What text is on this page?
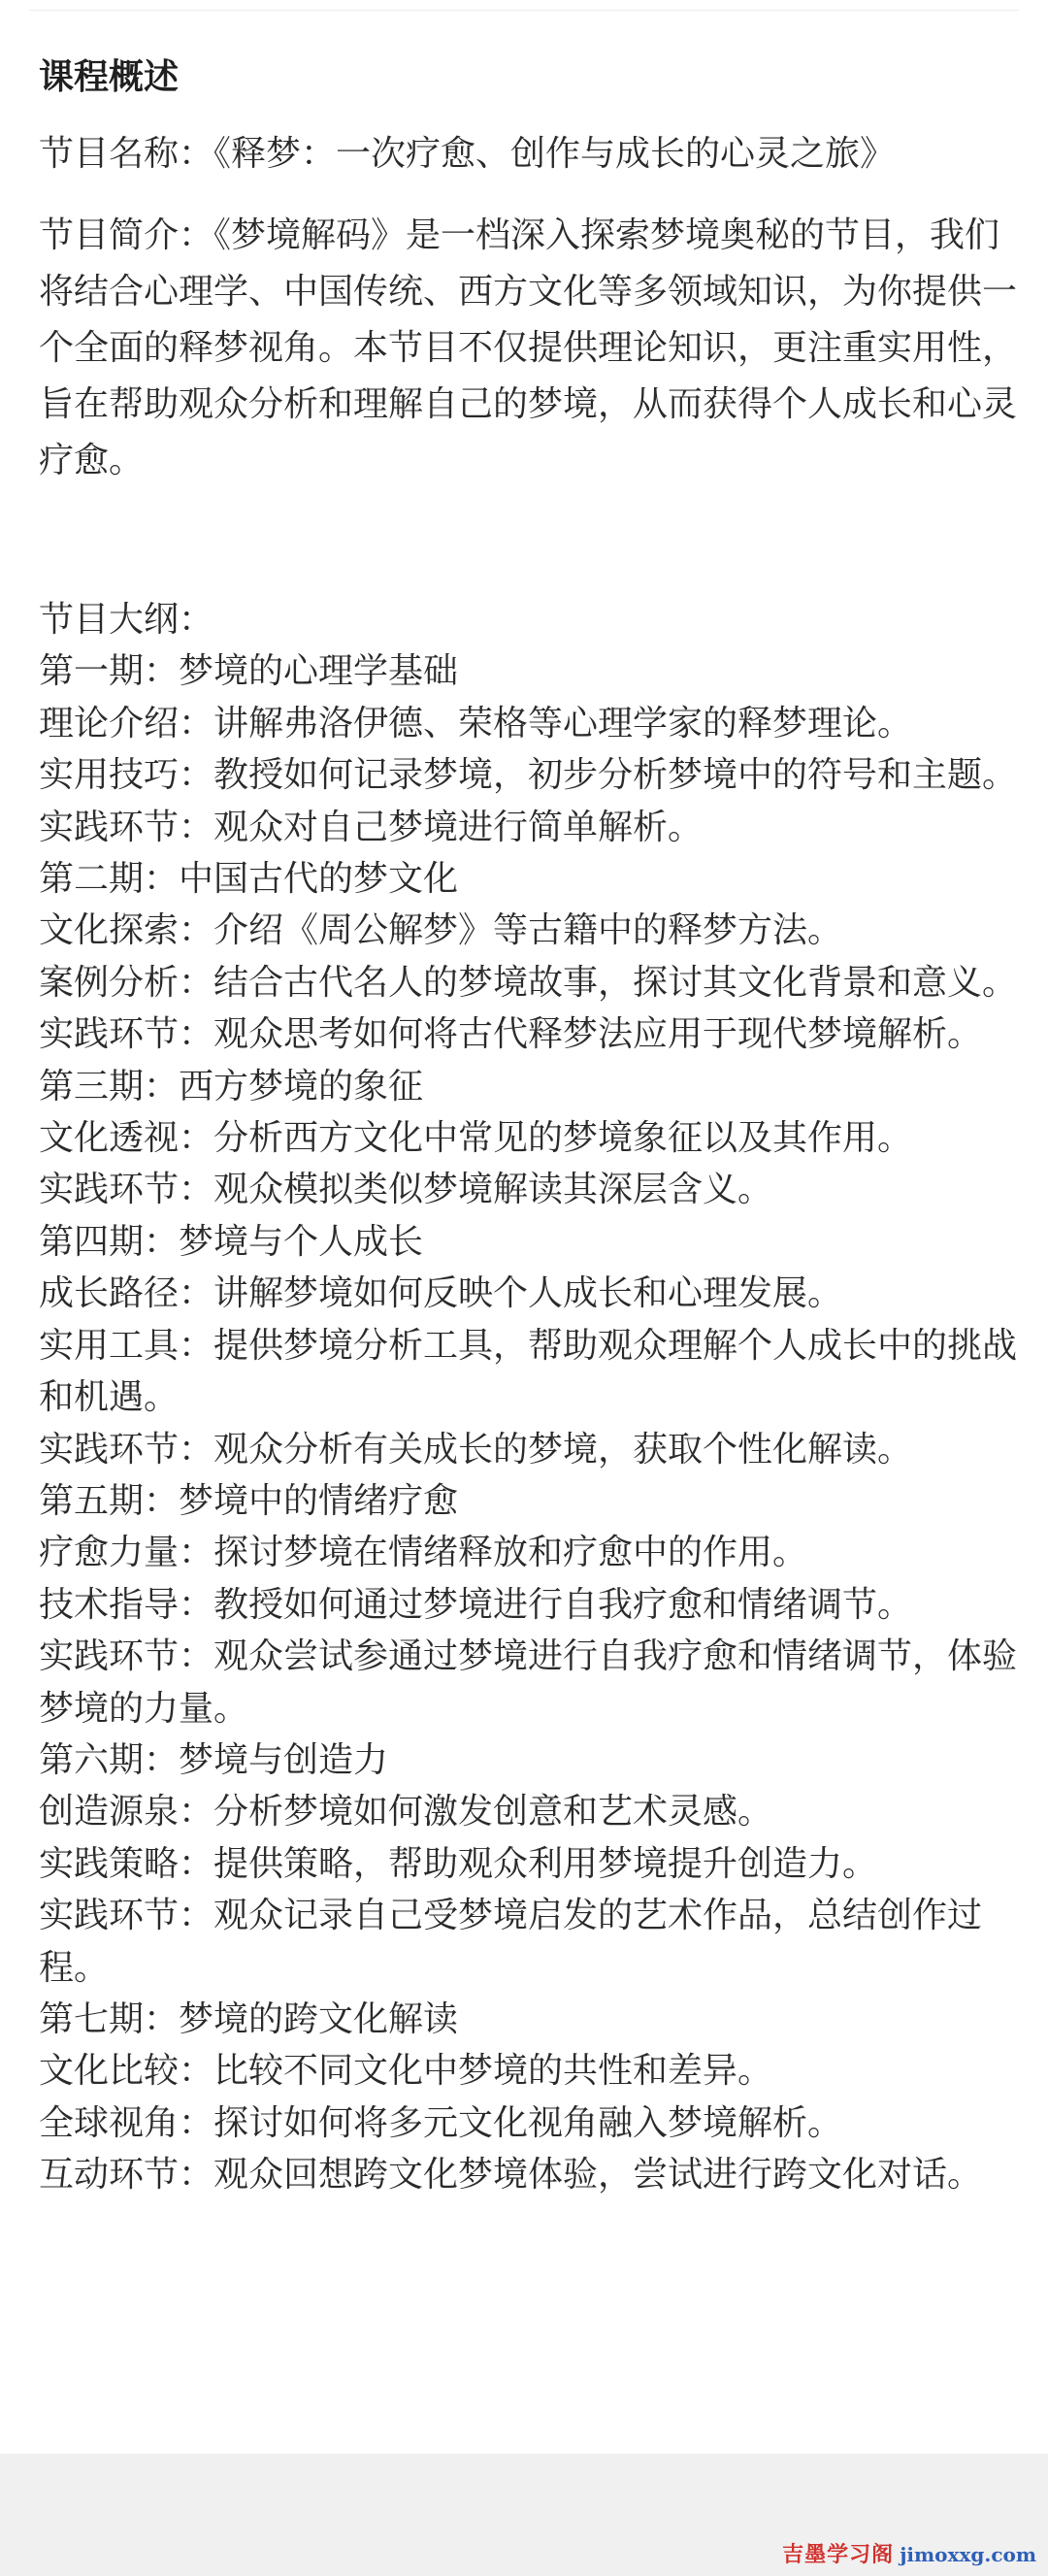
课程概述

节目名称：《释梦：一次疗愈、创作与成长的心灵之旅》

节目简介：《梦境解码》是一档深入探索梦境奥秘的节目，我们将结合心理学、中国传统、西方文化等多领域知识，为你提供一个全面的释梦视角。本节目不仅提供理论知识，更注重实用性，旨在帮助观众分析和理解自己的梦境，从而获得个人成长和心灵疗愈。

节目大纲：

第一期：梦境的心理学基础

理论介绍：讲解弗洛伊德、荣格等心理学家的释梦理论。

实用技巧：教授如何记录梦境，初步分析梦境中的符号和主题。

实践环节：观众对自己梦境进行简单解析。

第二期：中国古代的梦文化

文化探索：介绍《周公解梦》等古籍中的释梦方法。

案例分析：结合古代名人的梦境故事，探讨其文化背景和意义。

实践环节：观众思考如何将古代释梦法应用于现代梦境解析。

第三期：西方梦境的象征

文化透视：分析西方文化中常见的梦境象征以及其作用。

实践环节：观众模拟类似梦境解读其深层含义。

第四期：梦境与个人成长

成长路径：讲解梦境如何反映个人成长和心理发展。

实用工具：提供梦境分析工具，帮助观众理解个人成长中的挑战和机遇。

实践环节：观众分析有关成长的梦境，获取个性化解读。

第五期：梦境中的情绪疗愈

疗愈力量：探讨梦境在情绪释放和疗愈中的作用。

技术指导：教授如何通过梦境进行自我疗愈和情绪调节。

实践环节：观众尝试参通过梦境进行自我疗愈和情绪调节，体验梦境的力量。

第六期：梦境与创造力

创造源泉：分析梦境如何激发创意和艺术灵感。

实践策略：提供策略，帮助观众利用梦境提升创造力。

实践环节：观众记录自己受梦境启发的艺术作品，总结创作过程。

第七期：梦境的跨文化解读

文化比较：比较不同文化中梦境的共性和差异。

全球视角：探讨如何将多元文化视角融入梦境解析。

互动环节：观众回想跨文化梦境体验，尝试进行跨文化对话。

吉墨学习阁 jimoxxg.com
